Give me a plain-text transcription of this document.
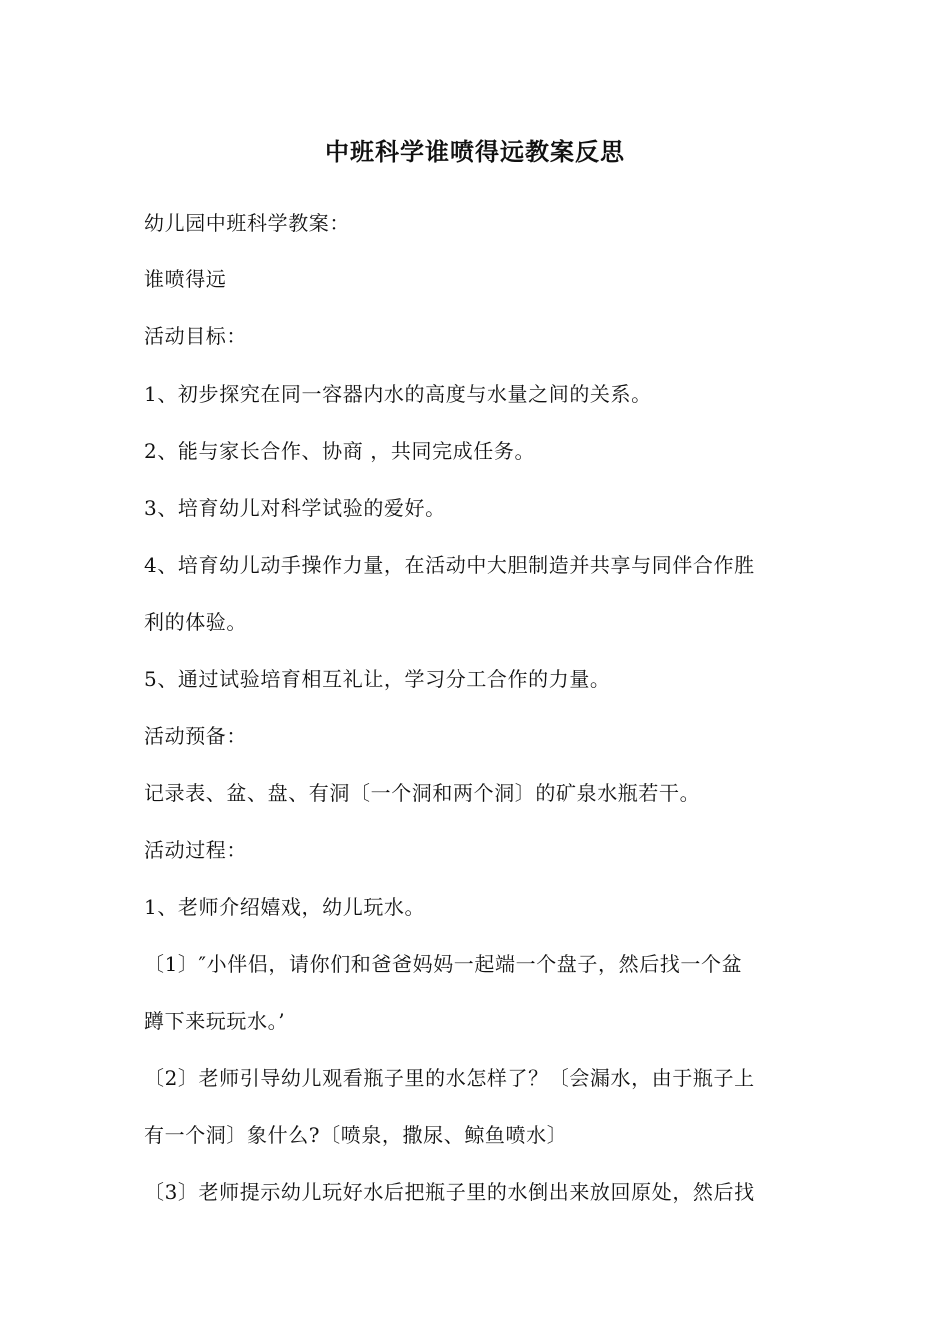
中班科学谁喷得远教案反思
幼儿园中班科学教案：
谁喷得远
活动目标：
1、初步探究在同一容器内水的高度与水量之间的关系。
2、能与家长合作、协商 ，共同完成任务。
3、培育幼儿对科学试验的爱好。
4、培育幼儿动手操作力量，在活动中大胆制造并共享与同伴合作胜
利的体验。
5、通过试验培育相互礼让，学习分工合作的力量。
活动预备：
记录表、盆、盘、有洞〔一个洞和两个洞〕的矿泉水瓶若干。
活动过程：
1、老师介绍嬉戏，幼儿玩水。
〔1〕″小伴侣，请你们和爸爸妈妈一起端一个盘子，然后找一个盆
蹲下来玩玩水。’
〔2〕老师引导幼儿观看瓶子里的水怎样了？〔会漏水，由于瓶子上
有一个洞〕象什么?〔喷泉，撒尿、鲸鱼喷水〕
〔3〕老师提示幼儿玩好水后把瓶子里的水倒出来放回原处，然后找
